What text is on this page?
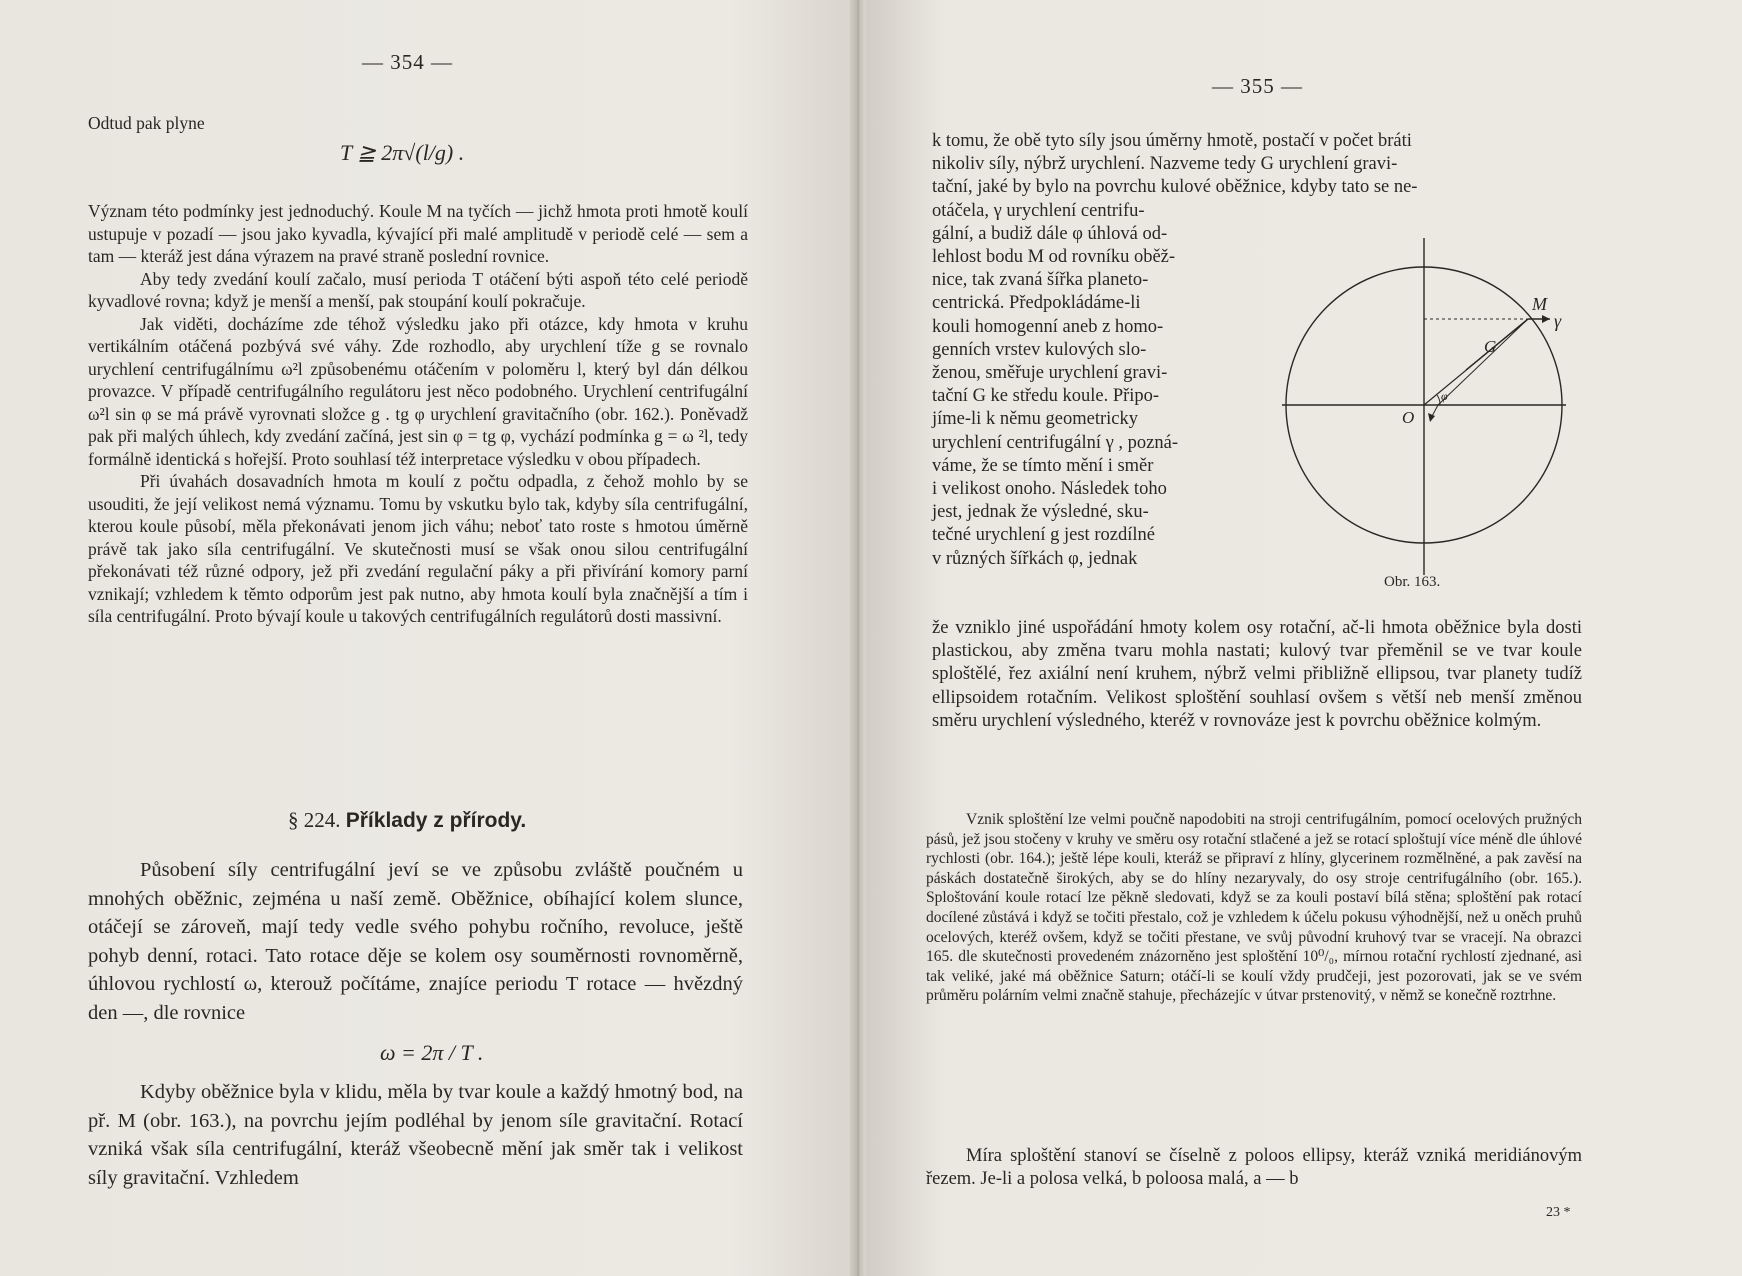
— 354 —

Odtud pak plyne

T ≧ 2π√(l/g) .

Význam této podmínky jest jednoduchý. Koule M na tyčích — jichž hmota proti hmotě koulí ustupuje v pozadí — jsou jako kyvadla, kývající při malé amplitudě v periodě celé — sem a tam — kteráž jest dána výrazem na pravé straně poslední rovnice.

Aby tedy zvedání koulí začalo, musí perioda T otáčení býti aspoň této celé periodě kyvadlové rovna; když je menší a menší, pak stoupání koulí pokračuje.

Jak viděti, docházíme zde téhož výsledku jako při otázce, kdy hmota v kruhu vertikálním otáčená pozbývá své váhy. Zde rozhodlo, aby urychlení tíže g se rovnalo urychlení centrifugálnímu ω²l způsobenému otáčením v poloměru l, který byl dán délkou provazce. V případě centrifugálního regulátoru jest něco podobného. Urychlení centrifugální ω²l sin φ se má právě vyrovnati složce g . tg φ urychlení gravitačního (obr. 162.). Poněvadž pak při malých úhlech, kdy zvedání začíná, jest sin φ = tg φ, vychází podmínka g = ω ²l, tedy formálně identická s hořejší. Proto souhlasí též interpretace výsledku v obou případech.

Při úvahách dosavadních hmota m koulí z počtu odpadla, z čehož mohlo by se usouditi, že její velikost nemá významu. Tomu by vskutku bylo tak, kdyby síla centrifugální, kterou koule působí, měla překonávati jenom jich váhu; neboť tato roste s hmotou úměrně právě tak jako síla centrifugální. Ve skutečnosti musí se však onou silou centrifugální překonávati též různé odpory, jež při zvedání regulační páky a při přivírání komory parní vznikají; vzhledem k těmto odporům jest pak nutno, aby hmota koulí byla značnější a tím i síla centrifugální. Proto bývají koule u takových centrifugálních regulátorů dosti massivní.

§ 224. Příklady z přírody.

Působení síly centrifugální jeví se ve způsobu zvláště poučném u mnohých oběžnic, zejména u naší země. Oběžnice, obíhající kolem slunce, otáčejí se zároveň, mají tedy vedle svého pohybu ročního, revoluce, ještě pohyb denní, rotaci. Tato rotace děje se kolem osy souměrnosti rovnoměrně, úhlovou rychlostí ω, kterouž počítáme, znajíce periodu T rotace — hvězdný den —, dle rovnice

ω = 2π / T .

Kdyby oběžnice byla v klidu, měla by tvar koule a každý hmotný bod, na př. M (obr. 163.), na povrchu jejím podléhal by jenom síle gravitační. Rotací vzniká však síla centrifugální, kteráž všeobecně mění jak směr tak i velikost síly gravitační. Vzhledem

— 355 —
k tomu, že obě tyto síly jsou úměrny hmotě, postačí v počet bráti
nikoliv síly, nýbrž urychlení. Nazveme tedy G urychlení gravi-
tační, jaké by bylo na povrchu kulové oběžnice, kdyby tato se ne-
otáčela, γ urychlení centrifu-
gální, a budiž dále φ úhlová od-
lehlost bodu M od rovníku oběž-
nice, tak zvaná šířka planeto-
centrická. Předpokládáme-li
kouli homogenní aneb z homo-
genních vrstev kulových slo-
ženou, směřuje urychlení gravi-
tační G ke středu koule. Připo-
jíme-li k němu geometricky
urychlení centrifugální γ , pozná-
váme, že se tímto mění i směr
i velikost onoho. Následek toho
jest, jednak že výsledné, sku-
tečné urychlení g jest rozdílné
v různých šířkách φ, jednak
M
γ
G
O
φ
Obr. 163.

že vzniklo jiné uspořádání hmoty kolem osy rotační, ač-li hmota oběžnice byla dosti plastickou, aby změna tvaru mohla nastati; kulový tvar přeměnil se ve tvar koule sploštělé, řez axiální není kruhem, nýbrž velmi přibližně ellipsou, tvar planety tudíž ellipsoidem rotačním. Velikost sploštění souhlasí ovšem s větší neb menší změnou směru urychlení výsledného, kteréž v rovnováze jest k povrchu oběžnice kolmým.

Vznik sploštění lze velmi poučně napodobiti na stroji centrifugálním, pomocí ocelových pružných pásů, jež jsou stočeny v kruhy ve směru osy rotační stlačené a jež se rotací sploštují více méně dle úhlové rychlosti (obr. 164.); ještě lépe kouli, kteráž se připraví z hlíny, glycerinem rozmělněné, a pak zavěsí na páskách dostatečně širokých, aby se do hlíny nezaryvaly, do osy stroje centrifugálního (obr. 165.). Sploštování koule rotací lze pěkně sledovati, když se za kouli postaví bílá stěna; sploštění pak rotací docílené zůstává i když se točiti přestalo, což je vzhledem k účelu pokusu výhodnější, než u oněch pruhů ocelových, kteréž ovšem, když se točiti přestane, ve svůj původní kruhový tvar se vracejí. Na obrazci 165. dle skutečnosti provedeném znázorněno jest sploštění 10⁰/₀, mírnou rotační rychlostí zjednané, asi tak veliké, jaké má oběžnice Saturn; otáčí-li se koulí vždy prudčeji, jest pozorovati, jak se ve svém průměru polárním velmi značně stahuje, přecházejíc v útvar prstenovitý, v němž se konečně roztrhne.

Míra sploštění stanoví se číselně z poloos ellipsy, kteráž vzniká meridiánovým řezem. Je-li a polosa velká, b poloosa malá, a — b

23 *
